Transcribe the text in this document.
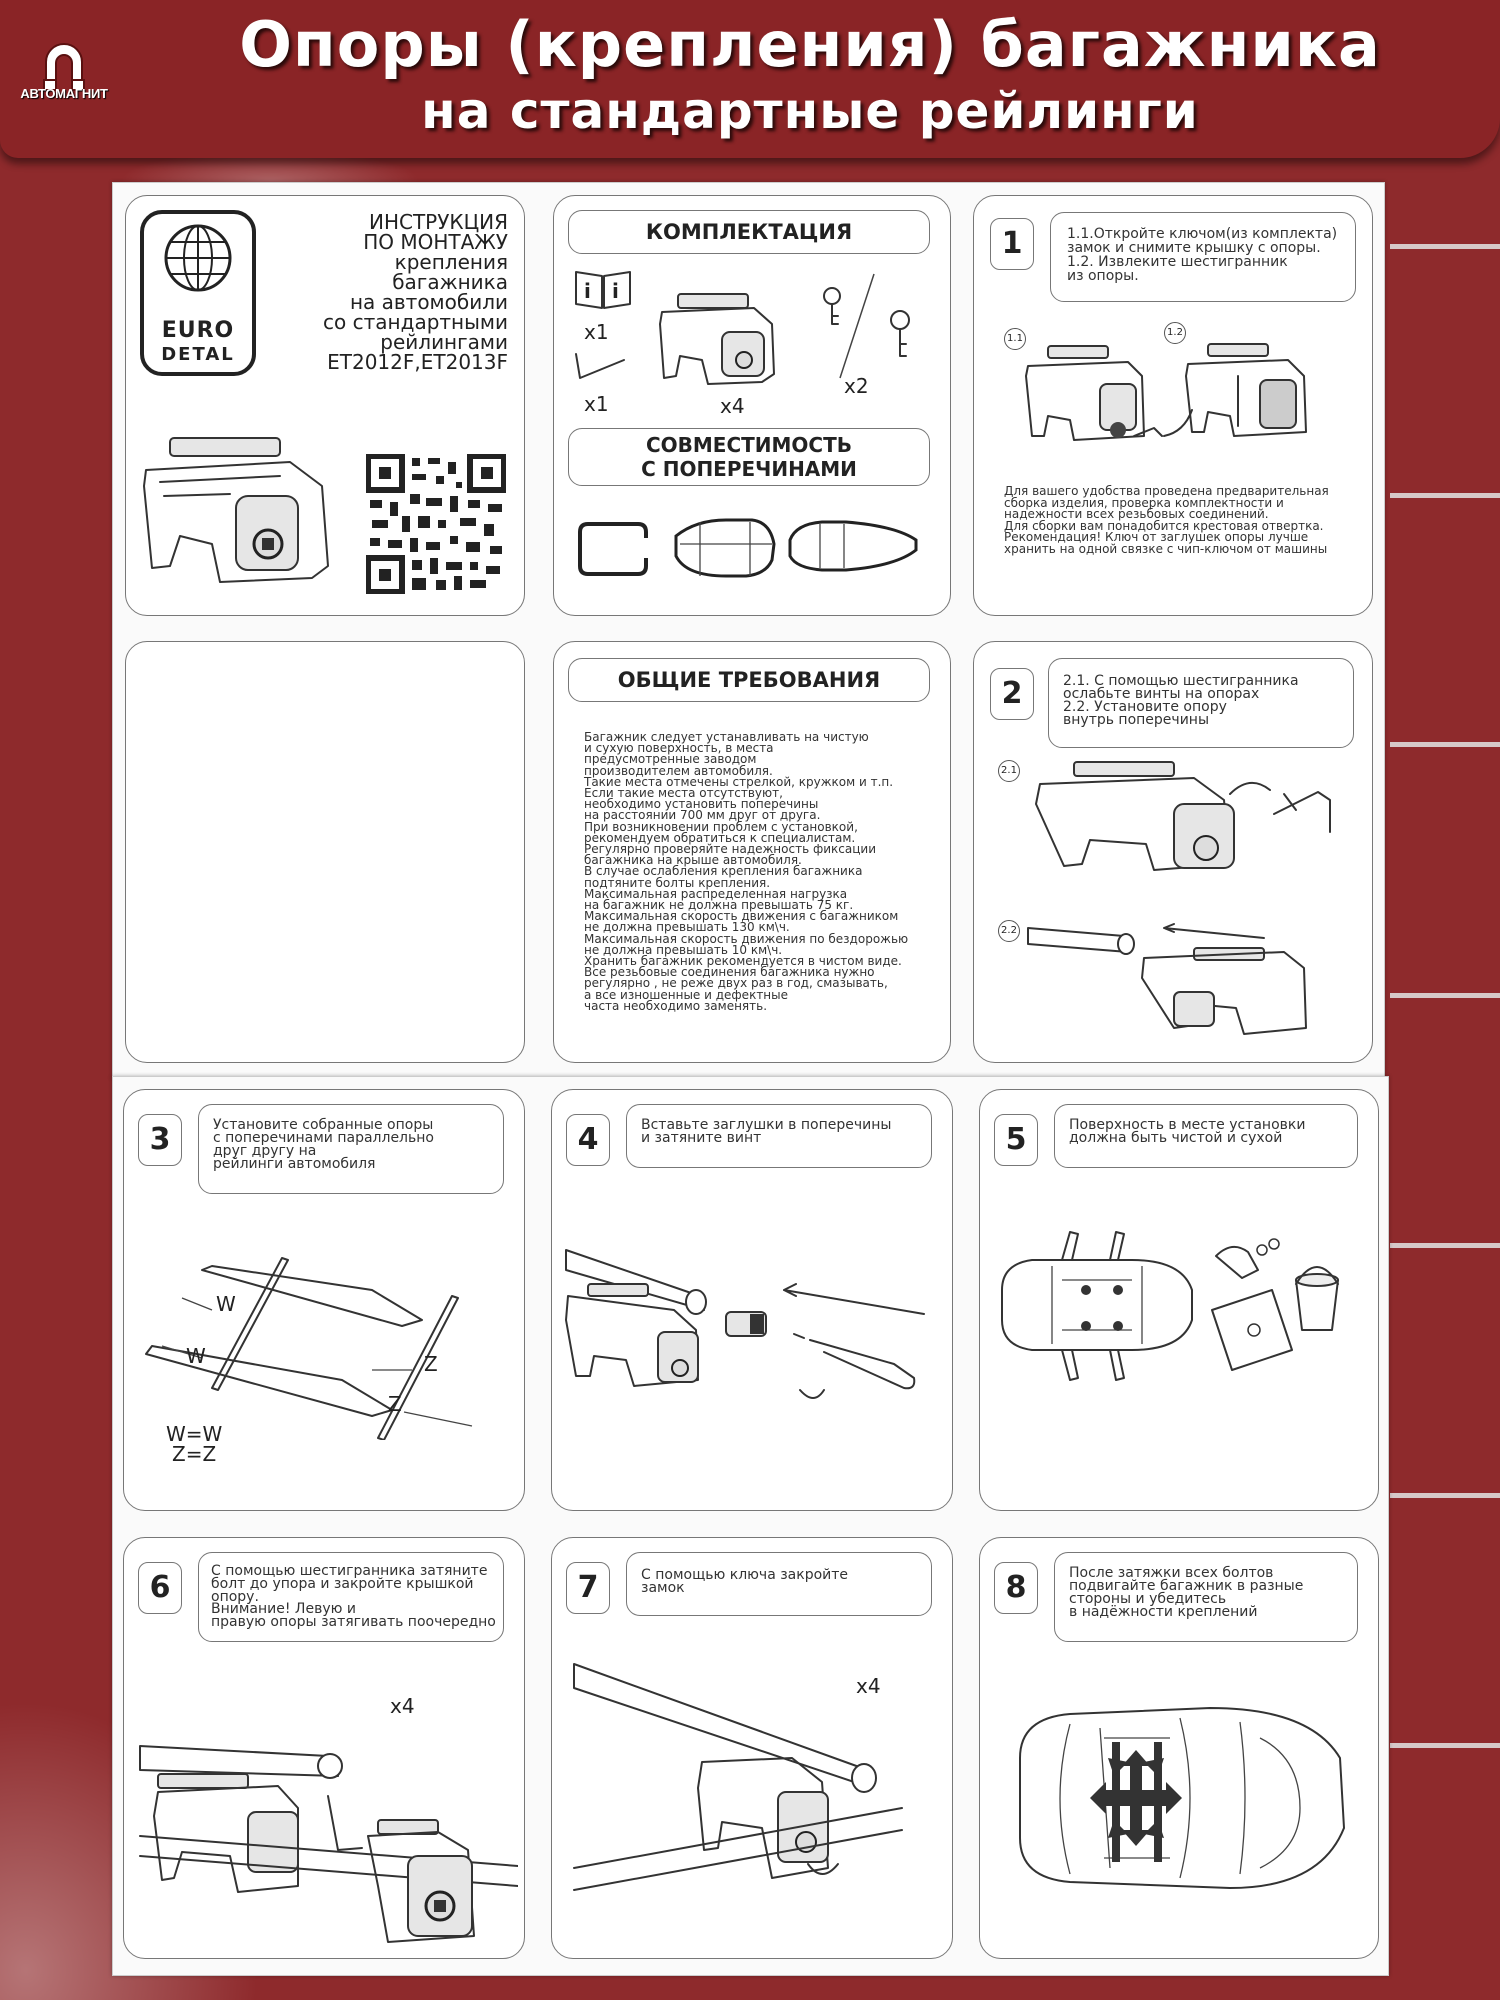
АВТОМАГНИТ
Опоры (крепления) багажника
на стандартные рейлинги
EURO
DETAL
ИНСТРУКЦИЯ
ПО МОНТАЖУ
крепления
багажника
на автомобили
со стандартными
рейлингами
ET2012F,ET2013F
КОМПЛЕКТАЦИЯ
i i
x1
x1	x4
x2
СОВМЕСТИМОСТЬ
С ПОПЕРЕЧИНАМИ
1	1.1.Откройте ключом(из комплекта)
замок и снимите крышку с опоры.
1.2. Извлеките шестигранник
из опоры.
1.1
1.2
Для вашего удобства проведена предварительная
сборка изделия, проверка комплектности и
надежности всех резьбовых соединений.
Для сборки вам понадобится крестовая отвертка.
Рекомендация! Ключ от заглушек опоры лучше
хранить на одной связке с чип-ключом от машины
ОБЩИЕ ТРЕБОВАНИЯ
Багажник следует устанавливать на чистую
и сухую поверхность, в места
предусмотренные заводом
производителем автомобиля.
Такие места отмечены стрелкой, кружком и т.п.
Если такие места отсутствуют,
необходимо установить поперечины
на расстоянии 700 мм друг от друга.
При возникновении проблем с установкой,
рекомендуем обратиться к специалистам.
Регулярно проверяйте надежность фиксации
багажника на крыше автомобиля.
В случае ослабления крепления багажника
подтяните болты крепления.
Максимальная распределенная нагрузка
на багажник не должна превышать 75 кг.
Максимальная скорость движения с багажником
не должна превышать 130 км\ч.
Максимальная скорость движения по бездорожью
не должна превышать 10 км\ч.
Хранить багажник рекомендуется в чистом виде.
Все резьбовые соединения багажника нужно
регулярно , не реже двух раз в год, смазывать,
а все изношенные и дефектные
часта необходимо заменять.
2	2.1. С помощью шестигранника
ослабьте винты на опорах
2.2. Установите опору
внутрь поперечины
2.1
2.2
3	Установите собранные опоры
с поперечинами параллельно
друг другу на
рейлинги автомобиля
W
W	Z
Z
W=W
Z=Z
4	Вставьте заглушки в поперечины
и затяните винт	5	Поверхность в месте установки
должна быть чистой и сухой
6	С помощью шестигранника затяните
болт до упора и закройте крышкой
опору.
Внимание! Левую и
правую опоры затягивать поочередно
x4
7	С помощью ключа закройте
замок
x4
8	После затяжки всех болтов
подвигайте багажник в разные
стороны и убедитесь
в надёжности креплений
